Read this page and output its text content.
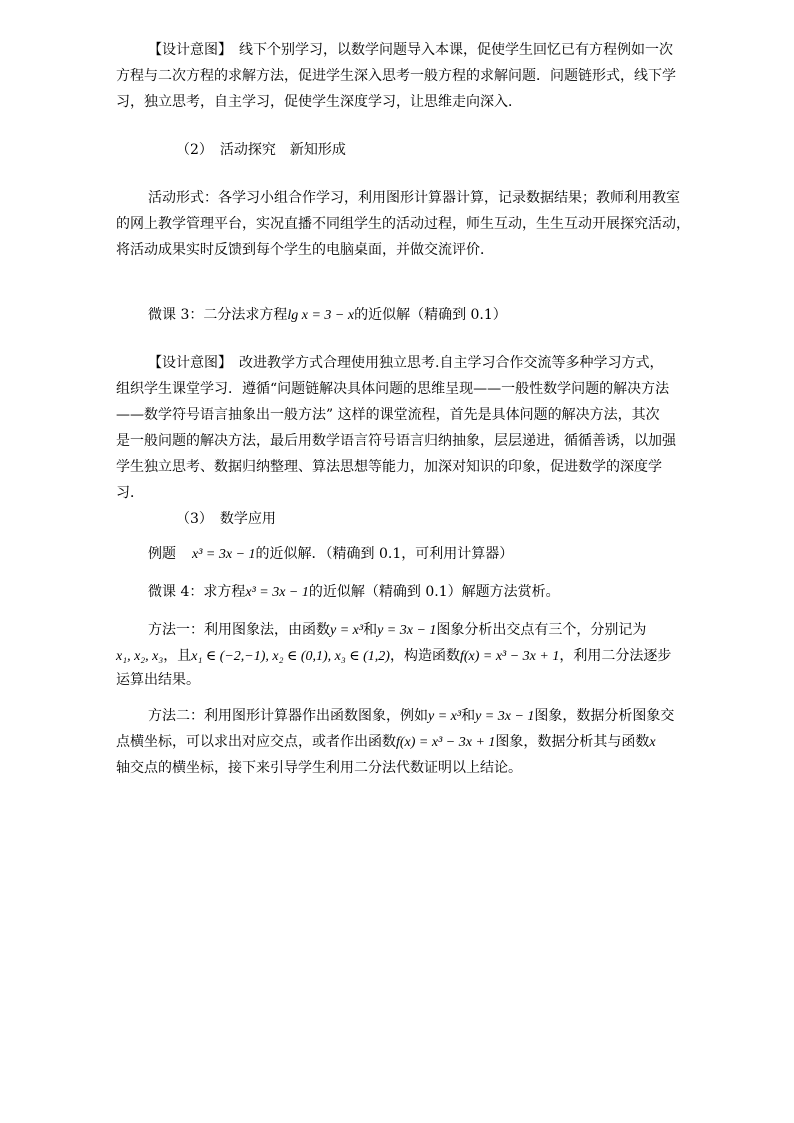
【设计意图】　线下个别学习，以数学问题导入本课，促使学生回忆已有方程例如一次
方程与二次方程的求解方法，促进学生深入思考一般方程的求解问题．问题链形式，线下学
习，独立思考，自主学习，促使学生深度学习，让思维走向深入．
（2）　活动探究　新知形成
活动形式：各学习小组合作学习，利用图形计算器计算，记录数据结果；教师利用教室
的网上教学管理平台，实况直播不同组学生的活动过程，师生互动，生生互动开展探究活动，
将活动成果实时反馈到每个学生的电脑桌面，并做交流评价．
微课 3：二分法求方程lg x = 3 − x的近似解（精确到 0.1）
【设计意图】　改进教学方式合理使用独立思考.自主学习合作交流等多种学习方式，
组织学生课堂学习．遵循“问题链解决具体问题的思维呈现——一般性数学问题的解决方法
——数学符号语言抽象出一般方法” 这样的课堂流程，首先是具体问题的解决方法，其次
是一般问题的解决方法，最后用数学语言符号语言归纳抽象，层层递进，循循善诱，以加强
学生独立思考、数据归纳整理、算法思想等能力，加深对知识的印象，促进数学的深度学
习．
（3）　数学应用
例题 x³ = 3x − 1的近似解．（精确到 0.1，可利用计算器）
微课 4：求方程x³ = 3x − 1的近似解（精确到 0.1）解题方法赏析。
方法一：利用图象法，由函数y = x³和y = 3x − 1图象分析出交点有三个，分别记为
x₁, x₂, x₃，且x₁ ∈ (−2,−1), x₂ ∈ (0,1), x₃ ∈ (1,2)，构造函数f(x) = x³ − 3x + 1，利用二分法逐步
运算出结果。
方法二：利用图形计算器作出函数图象，例如y = x³和y = 3x − 1图象，数据分析图象交
点横坐标，可以求出对应交点，或者作出函数f(x) = x³ − 3x + 1图象，数据分析其与函数x
轴交点的横坐标，接下来引导学生利用二分法代数证明以上结论。
